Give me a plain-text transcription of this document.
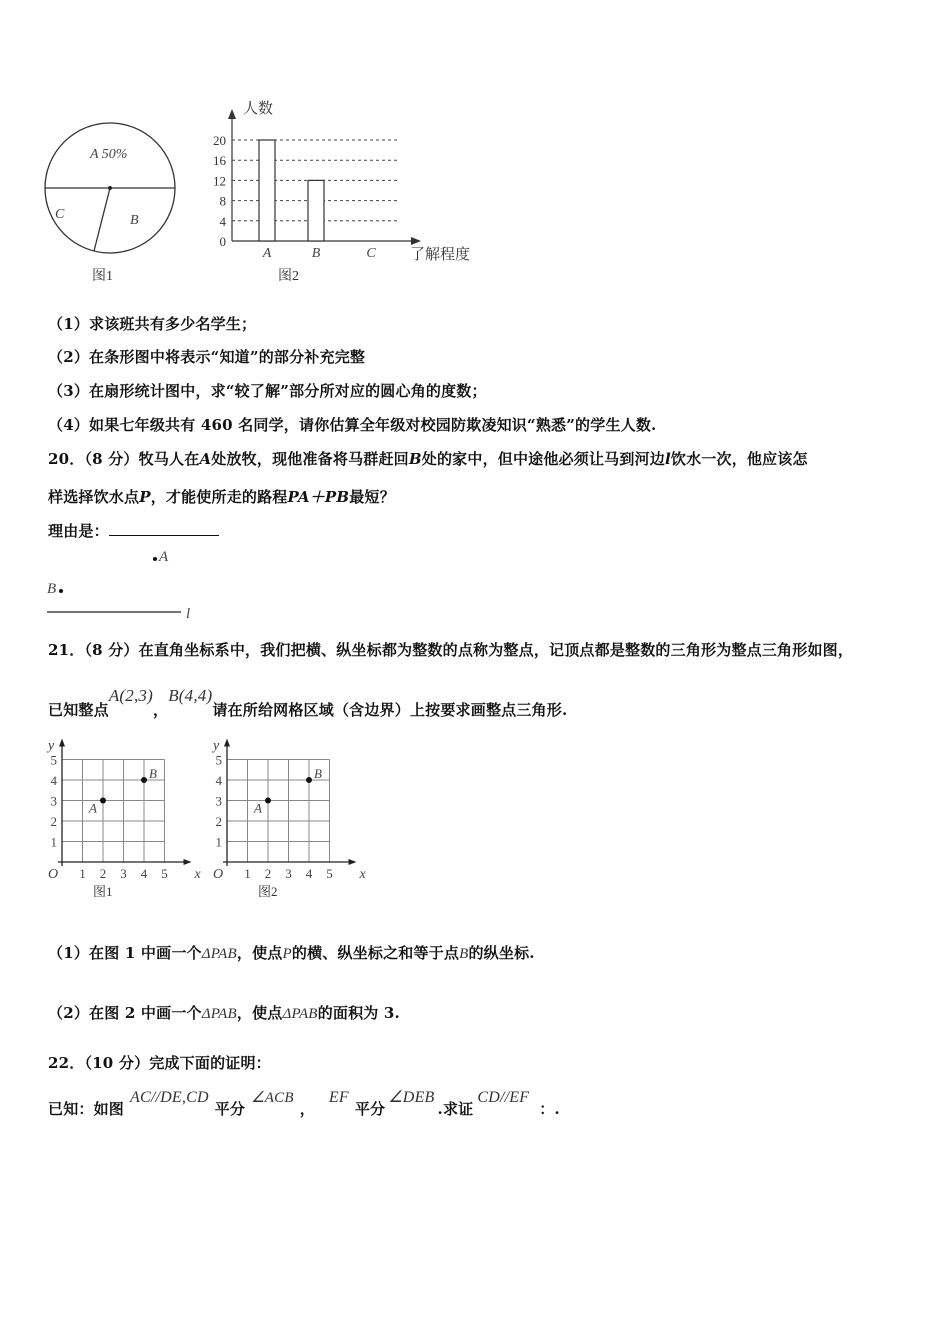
A 50%
C	B
图1
人数
了解程度
0
4
8
12
16
20
A	B	C
图2
（1）求该班共有多少名学生；
（2）在条形图中将表示“知道”的部分补充完整
（3）在扇形统计图中，求“较了解”部分所对应的圆心角的度数；
（4）如果七年级共有 460 名同学，请你估算全年级对校园防欺凌知识“熟悉”的学生人数.
20．（8 分）牧马人在A处放牧，现他准备将马群赶回B处的家中，但中途他必须让马到河边l饮水一次，他应该怎
样选择饮水点P，才能使所走的路程PA＋PB最短？
理由是：
A
B
l
21．（8 分）在直角坐标系中，我们把横、纵坐标都为整数的点称为整点，记顶点都是整数的三角形为整点三角形如图，
已知整点A(2,3)，B(4,4)请在所给网格区域（含边界）上按要求画整点三角形.
y
x
O 1
1
2
2
3
3
4
4
5
5
A
B
图1
y
x
O 1
1
2
2
3
3
4
4
5
5
A
B
图2
（1）在图 1 中画一个ΔPAB，使点P的横、纵坐标之和等于点B的纵坐标.
（2）在图 2 中画一个ΔPAB，使点ΔPAB的面积为 3.
22．（10 分）完成下面的证明：
已知：如图AC//DE,CD平分∠ACB，EF平分∠DEB.求证CD//EF：.
